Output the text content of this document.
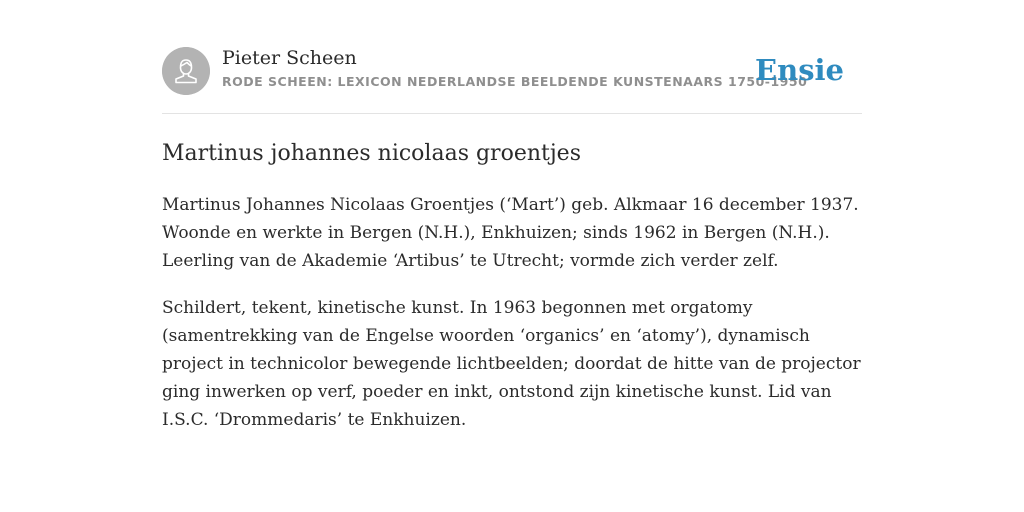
Pieter Scheen
RODE SCHEEN: LEXICON NEDERLANDSE BEELDENDE KUNSTENAARS 1750-1950
Ensie
Martinus johannes nicolaas groentjes

Martinus Johannes Nicolaas Groentjes (‘Mart’) geb. Alkmaar 16 december 1937. Woonde en werkte in Bergen (N.H.), Enkhuizen; sinds 1962 in Bergen (N.H.). Leerling van de Akademie ‘Artibus’ te Utrecht; vormde zich verder zelf.

Schildert, tekent, kinetische kunst. In 1963 begonnen met orgatomy (samentrekking van de Engelse woorden ‘organics’ en ‘atomy’), dynamisch project in technicolor bewegende lichtbeelden; doordat de hitte van de projector ging inwerken op verf, poeder en inkt, ontstond zijn kinetische kunst. Lid van I.S.C. ‘Drommedaris’ te Enkhuizen.
